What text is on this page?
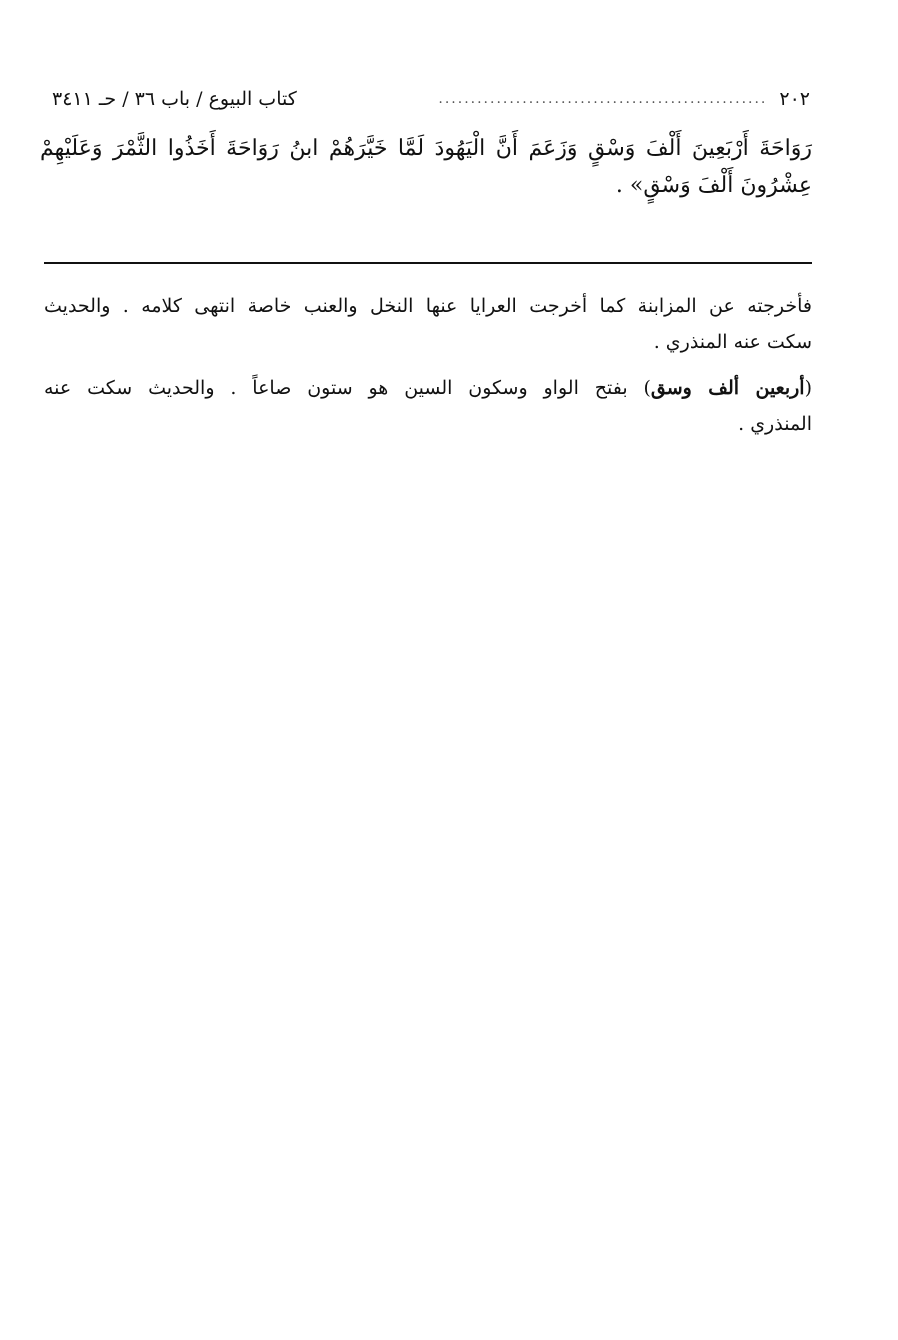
٢٠٢
...................................................
كتاب البيوع / باب ٣٦ / حـ ٣٤١١
رَوَاحَةَ أَرْبَعِينَ أَلْفَ وَسْقٍ وَزَعَمَ أَنَّ الْيَهُودَ لَمَّا خَيَّرَهُمْ ابنُ رَوَاحَةَ أَخَذُوا الثَّمْرَ وَعَلَيْهِمْ
عِشْرُونَ أَلْفَ وَسْقٍ» .

فأخرجته عن المزابنة كما أخرجت العرايا عنها النخل والعنب خاصة انتهى كلامه . والحديث
سكت عنه المنذري .

(أربعين ألف وسق) بفتح الواو وسكون السين هو ستون صاعاً . والحديث سكت عنه
المنذري .
